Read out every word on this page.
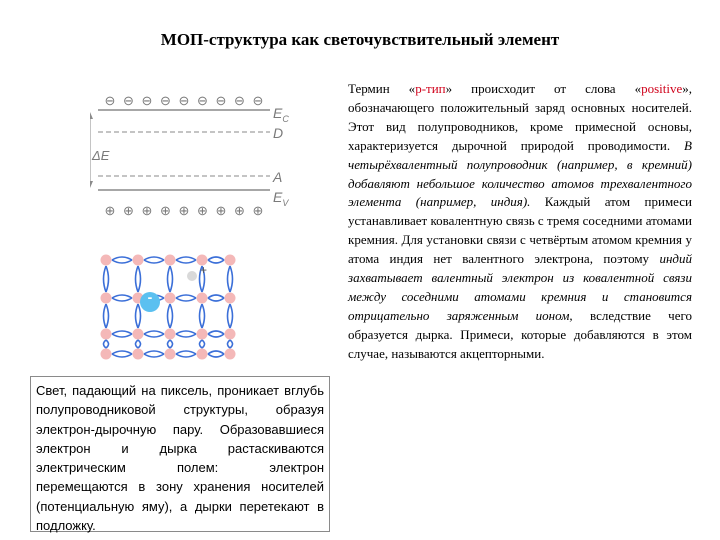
МОП-структура как светочувствительный элемент
⊖ ⊖ ⊖ ⊖ ⊖ ⊖ ⊖ ⊖ ⊖
ΔE
$E_C$
D
A
$E_V$
⊕ ⊕ ⊕ ⊕ ⊕ ⊕ ⊕ ⊕ ⊕
+
-
Свет, падающий на пиксель, проникает вглубь полупроводниковой структуры, образуя электрон-дырочную пару. Образовавшиеся электрон и дырка растаскиваются электрическим полем: электрон перемещаются в зону хранения носителей (потенциальную яму), а дырки перетекают в подложку.
Термин «p-тип» происходит от слова «positive», обозначающего положительный заряд основных носителей. Этот вид полупроводников, кроме примесной основы, характеризуется дырочной природой проводимости. В четырёхвалентный полупроводник (например, в кремний) добавляют небольшое количество атомов трехвалентного элемента (например, индия). Каждый атом примеси устанавливает ковалентную связь с тремя соседними атомами кремния. Для установки связи с четвёртым атомом кремния у атома индия нет валентного электрона, поэтому индий захватывает валентный электрон из ковалентной связи между соседними атомами кремния и становится отрицательно заряженным ионом, вследствие чего образуется дырка. Примеси, которые добавляются в этом случае, называются акцепторными.
